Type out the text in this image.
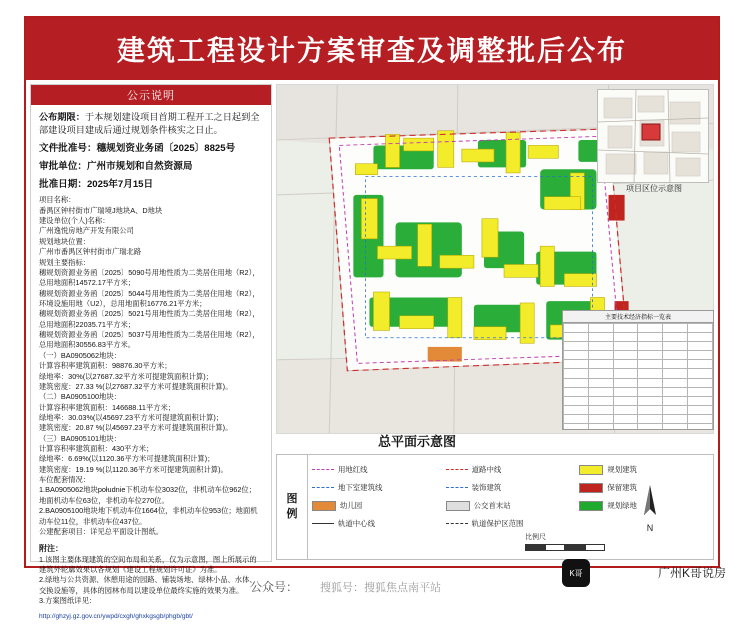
建筑工程设计方案审查及调整批后公布
公示说明

公布期限：于本规划建设项目首期工程开工之日起到全部建设项目建成后通过规划条件核实之日止。

文件批准号：穗规划资业务函〔2025〕8825号

审批单位：广州市规划和自然资源局

批准日期：2025年7月15日

项目名称：

番禺区钟村街市广瑞境J地块A、D地块

建设单位(个人)名称：

广州逸悦房地产开发有限公司

规划地块位置：

广州市番禺区钟村街市广瑞北路

规划主要指标：

穗规划资源业务函〔2025〕5090号用地性质为二类居住用地（R2），

总用地面积14572.17平方米；

穗规划资源业务函〔2025〕5044号用地性质为二类居住用地（R2），

环境设施用地（U2），总用地面积16776.21平方米；

穗规划资源业务函〔2025〕5021号用地性质为二类居住用地（R2），

总用地面积22035.71平方米；

穗规划资源业务函〔2025〕5037号用地性质为二类居住用地（R2），

总用地面积30556.83平方米。

（一）BA0905062地块：

计算容积率建筑面积：98876.30平方米；

绿地率：30%(以27687.32平方米可提建筑面积计算)；

建筑密度：27.33 %(以27687.32平方米可提建筑面积计算)。

（二）BA0905100地块：

计算容积率建筑面积：146688.11平方米；

绿地率：30.03%(以45697.23平方米可提建筑面积计算)；

建筑密度：20.87 %(以45697.23平方米可提建筑面积计算)。

（三）BA0905101地块：

计算容积率建筑面积：430平方米；

绿地率：6.69%(以1120.36平方米可提建筑面积计算)；

建筑密度：19.19 %(以1120.36平方米可提建筑面积计算)。

车位配套情况：

1.BA0905062地块południe下机动车位3032位，非机动车位962位；地面机动车位63位，非机动车位270位。

2.BA0905100地块地下机动车位1664位，非机动车位953位；地面机动车位11位，非机动车位437位。

公建配套项目：详见总平面设计图纸。

附注：

1.该图主要体现建筑的空间布局和关系，仅为示意图，图上所展示的建筑外轮廓效果以各规划《建设工程规划许可证》为准。

2.绿地与公共资源、休憩用途的园路、铺装场地、绿林小品、水体、交换设施等，具体的园林布局以建设单位最终实施的效果为准。

3.方案图纸详见：

http://ghzyj.gz.gov.cn/ywpd/cxgh/ghxkgsgb/phgb/gbt/

项目区位示意图
总平面示意图
主要技术经济指标一览表

图
例
用地红线	道路中线	规划建筑
地下室建筑线	装饰建筑	保留建筑
幼儿园	公交首末站	规划绿地
轨道中心线	轨道保护区范围	N
比例尺
公众号：
K哥	广州K哥说房
搜狐号：搜狐焦点南平站
